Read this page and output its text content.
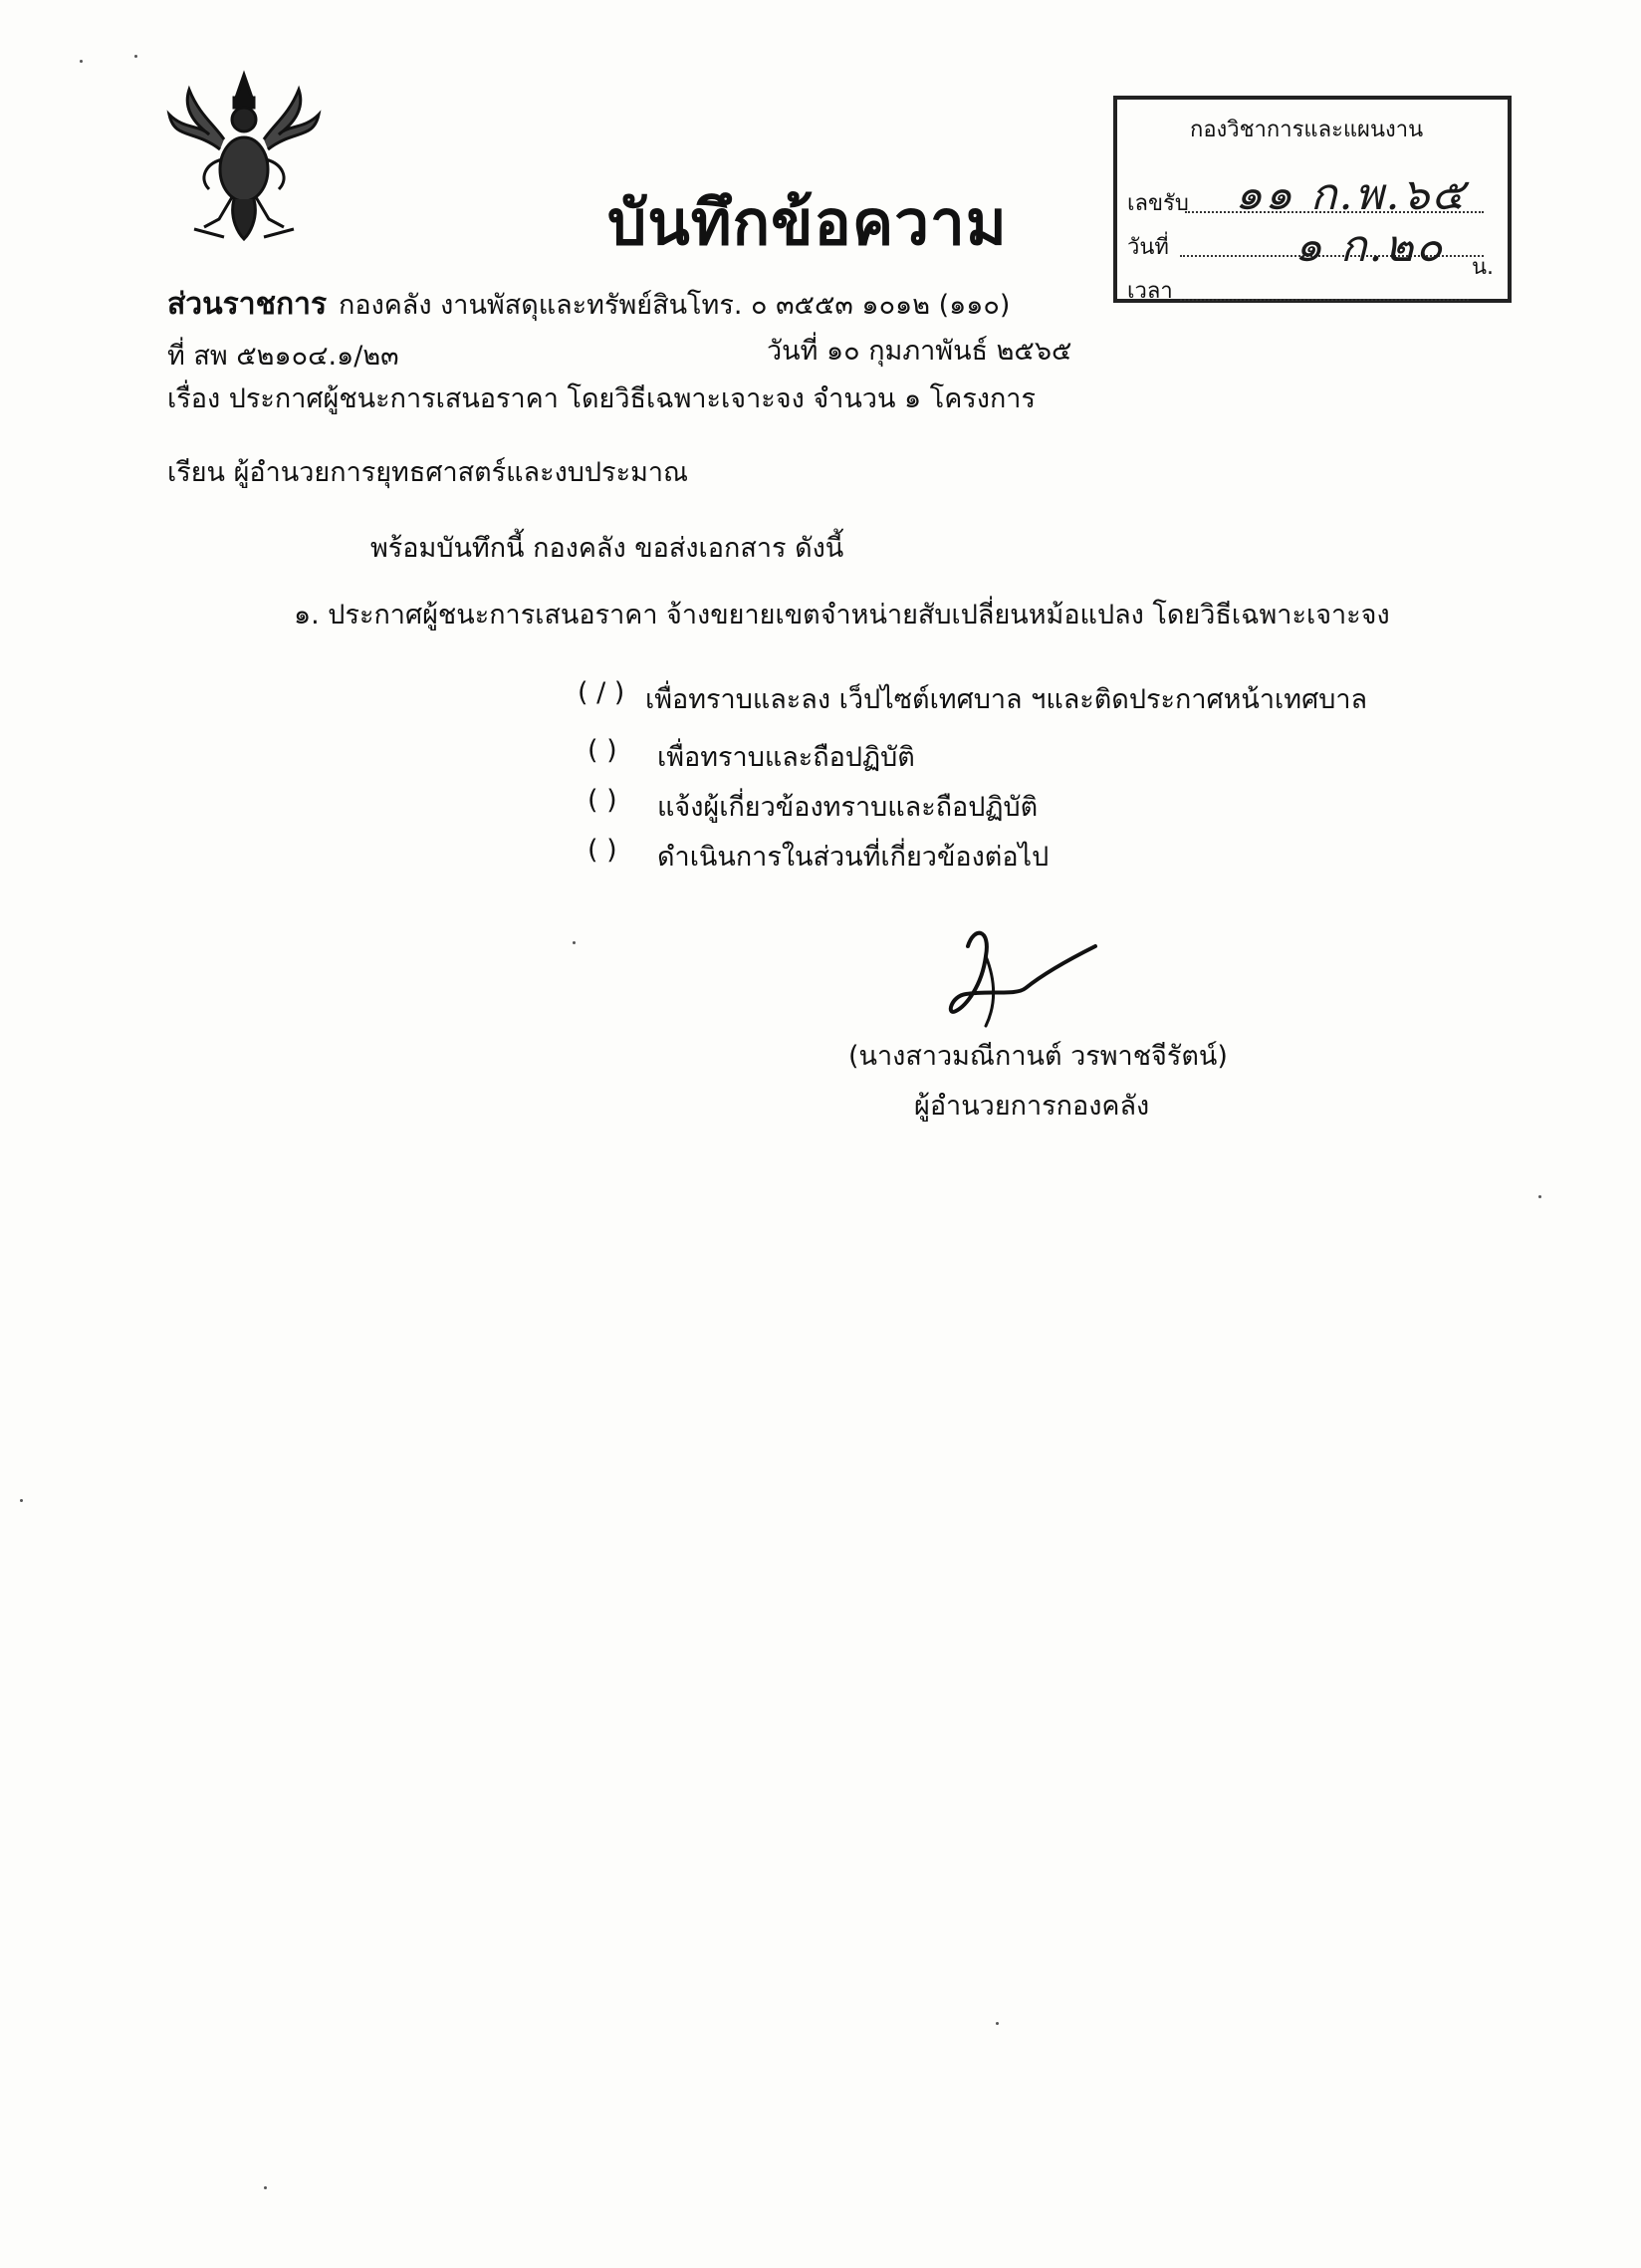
บันทึกข้อความ
กองวิชาการและแผนงาน
เลขรับ ๑๑ ก.พ.๖๕
วันที่	๑ ก.๒๐
เวลา
น.
ส่วนราชการ กองคลัง งานพัสดุและทรัพย์สินโทร. ๐ ๓๕๕๓ ๑๐๑๒ (๑๑๐)
ที่ สพ ๕๒๑๐๔.๑/๒๓	วันที่ ๑๐ กุมภาพันธ์ ๒๕๖๕
เรื่อง ประกาศผู้ชนะการเสนอราคา โดยวิธีเฉพาะเจาะจง จำนวน ๑ โครงการ
เรียน ผู้อำนวยการยุทธศาสตร์และงบประมาณ
พร้อมบันทึกนี้ กองคลัง ขอส่งเอกสาร ดังนี้
๑. ประกาศผู้ชนะการเสนอราคา จ้างขยายเขตจำหน่ายสับเปลี่ยนหม้อแปลง โดยวิธีเฉพาะเจาะจง
( / ) เพื่อทราบและลง เว็ปไซต์เทศบาล ฯและติดประกาศหน้าเทศบาล
( ) เพื่อทราบและถือปฏิบัติ
( ) แจ้งผู้เกี่ยวข้องทราบและถือปฏิบัติ
( ) ดำเนินการในส่วนที่เกี่ยวข้องต่อไป
(นางสาวมณีกานต์ วรพาชจีรัตน์)
ผู้อำนวยการกองคลัง
